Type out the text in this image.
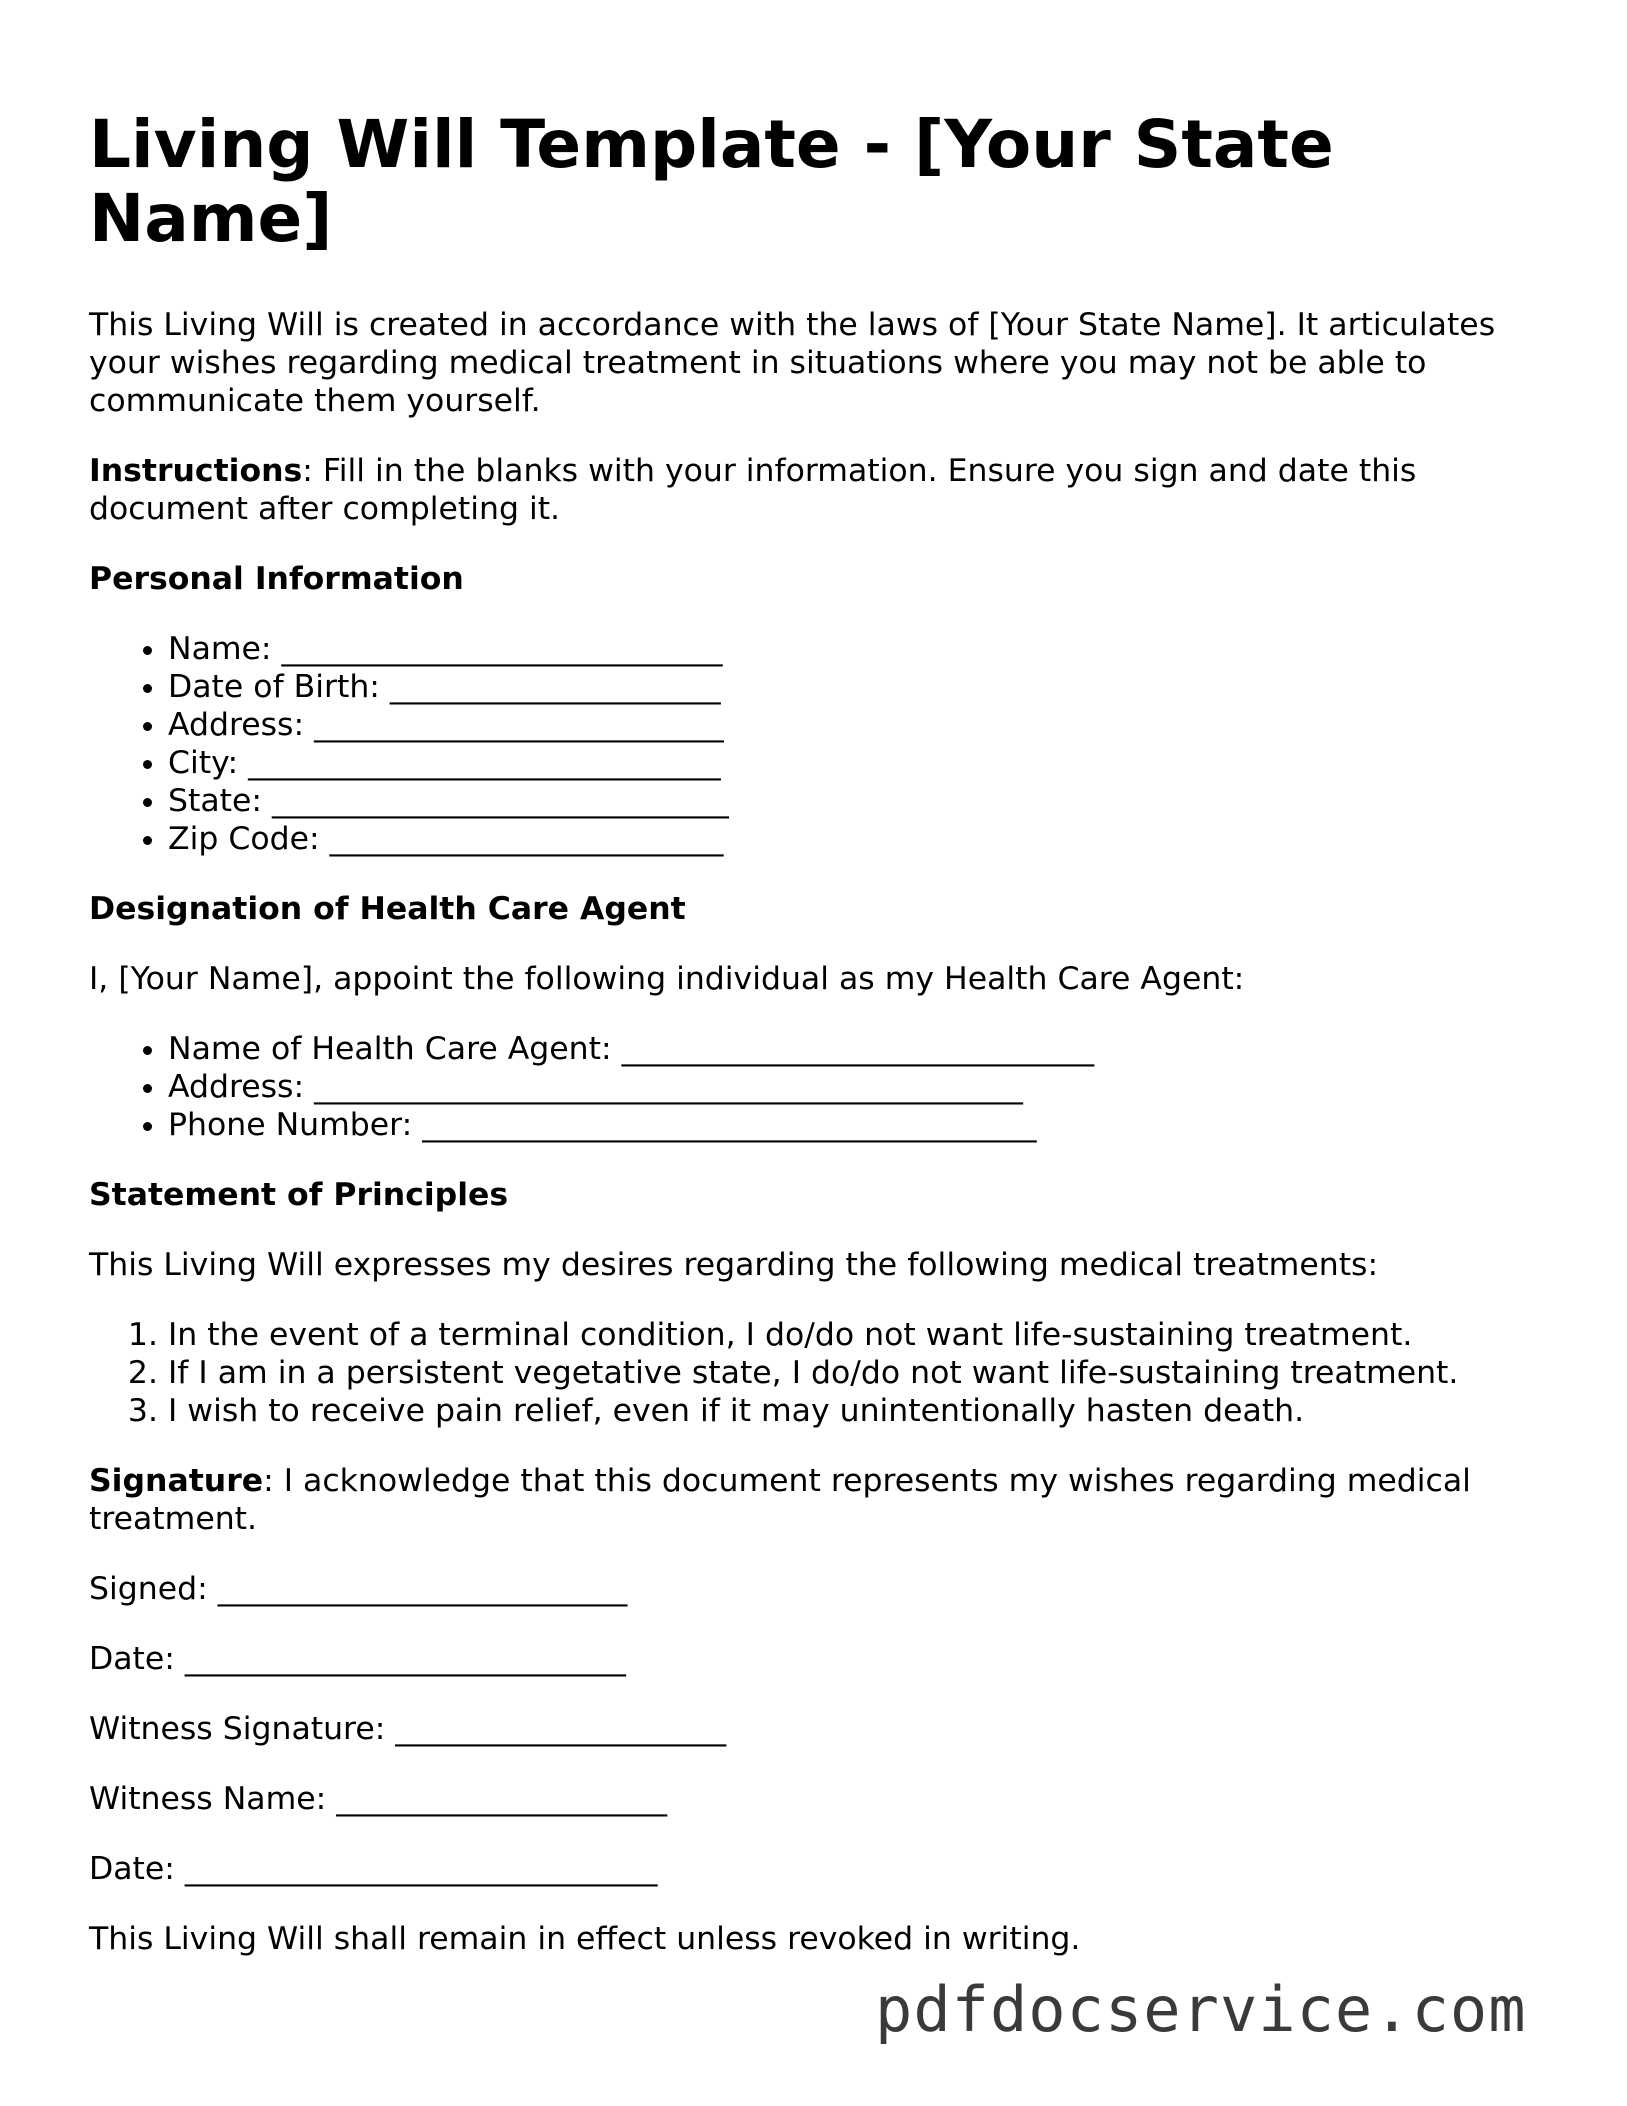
Living Will Template - [Your State Name]

This Living Will is created in accordance with the laws of [Your State Name]. It articulates your wishes regarding medical treatment in situations where you may not be able to communicate them yourself.

Instructions: Fill in the blanks with your information. Ensure you sign and date this document after completing it.

Personal Information
• Name: ____________________________
• Date of Birth: _____________________
• Address: __________________________
• City: ______________________________
• State: _____________________________
• Zip Code: _________________________
Designation of Health Care Agent

I, [Your Name], appoint the following individual as my Health Care Agent:

• Name of Health Care Agent: ______________________________
• Address: _____________________________________________
• Phone Number: _______________________________________
Statement of Principles

This Living Will expresses my desires regarding the following medical treatments:

1. In the event of a terminal condition, I do/do not want life-sustaining treatment.
2. If I am in a persistent vegetative state, I do/do not want life-sustaining treatment.
3. I wish to receive pain relief, even if it may unintentionally hasten death.

Signature: I acknowledge that this document represents my wishes regarding medical treatment.

Signed: __________________________

Date: ____________________________

Witness Signature: _____________________

Witness Name: _____________________

Date: ______________________________

This Living Will shall remain in effect unless revoked in writing.

pdfdocservice.com
